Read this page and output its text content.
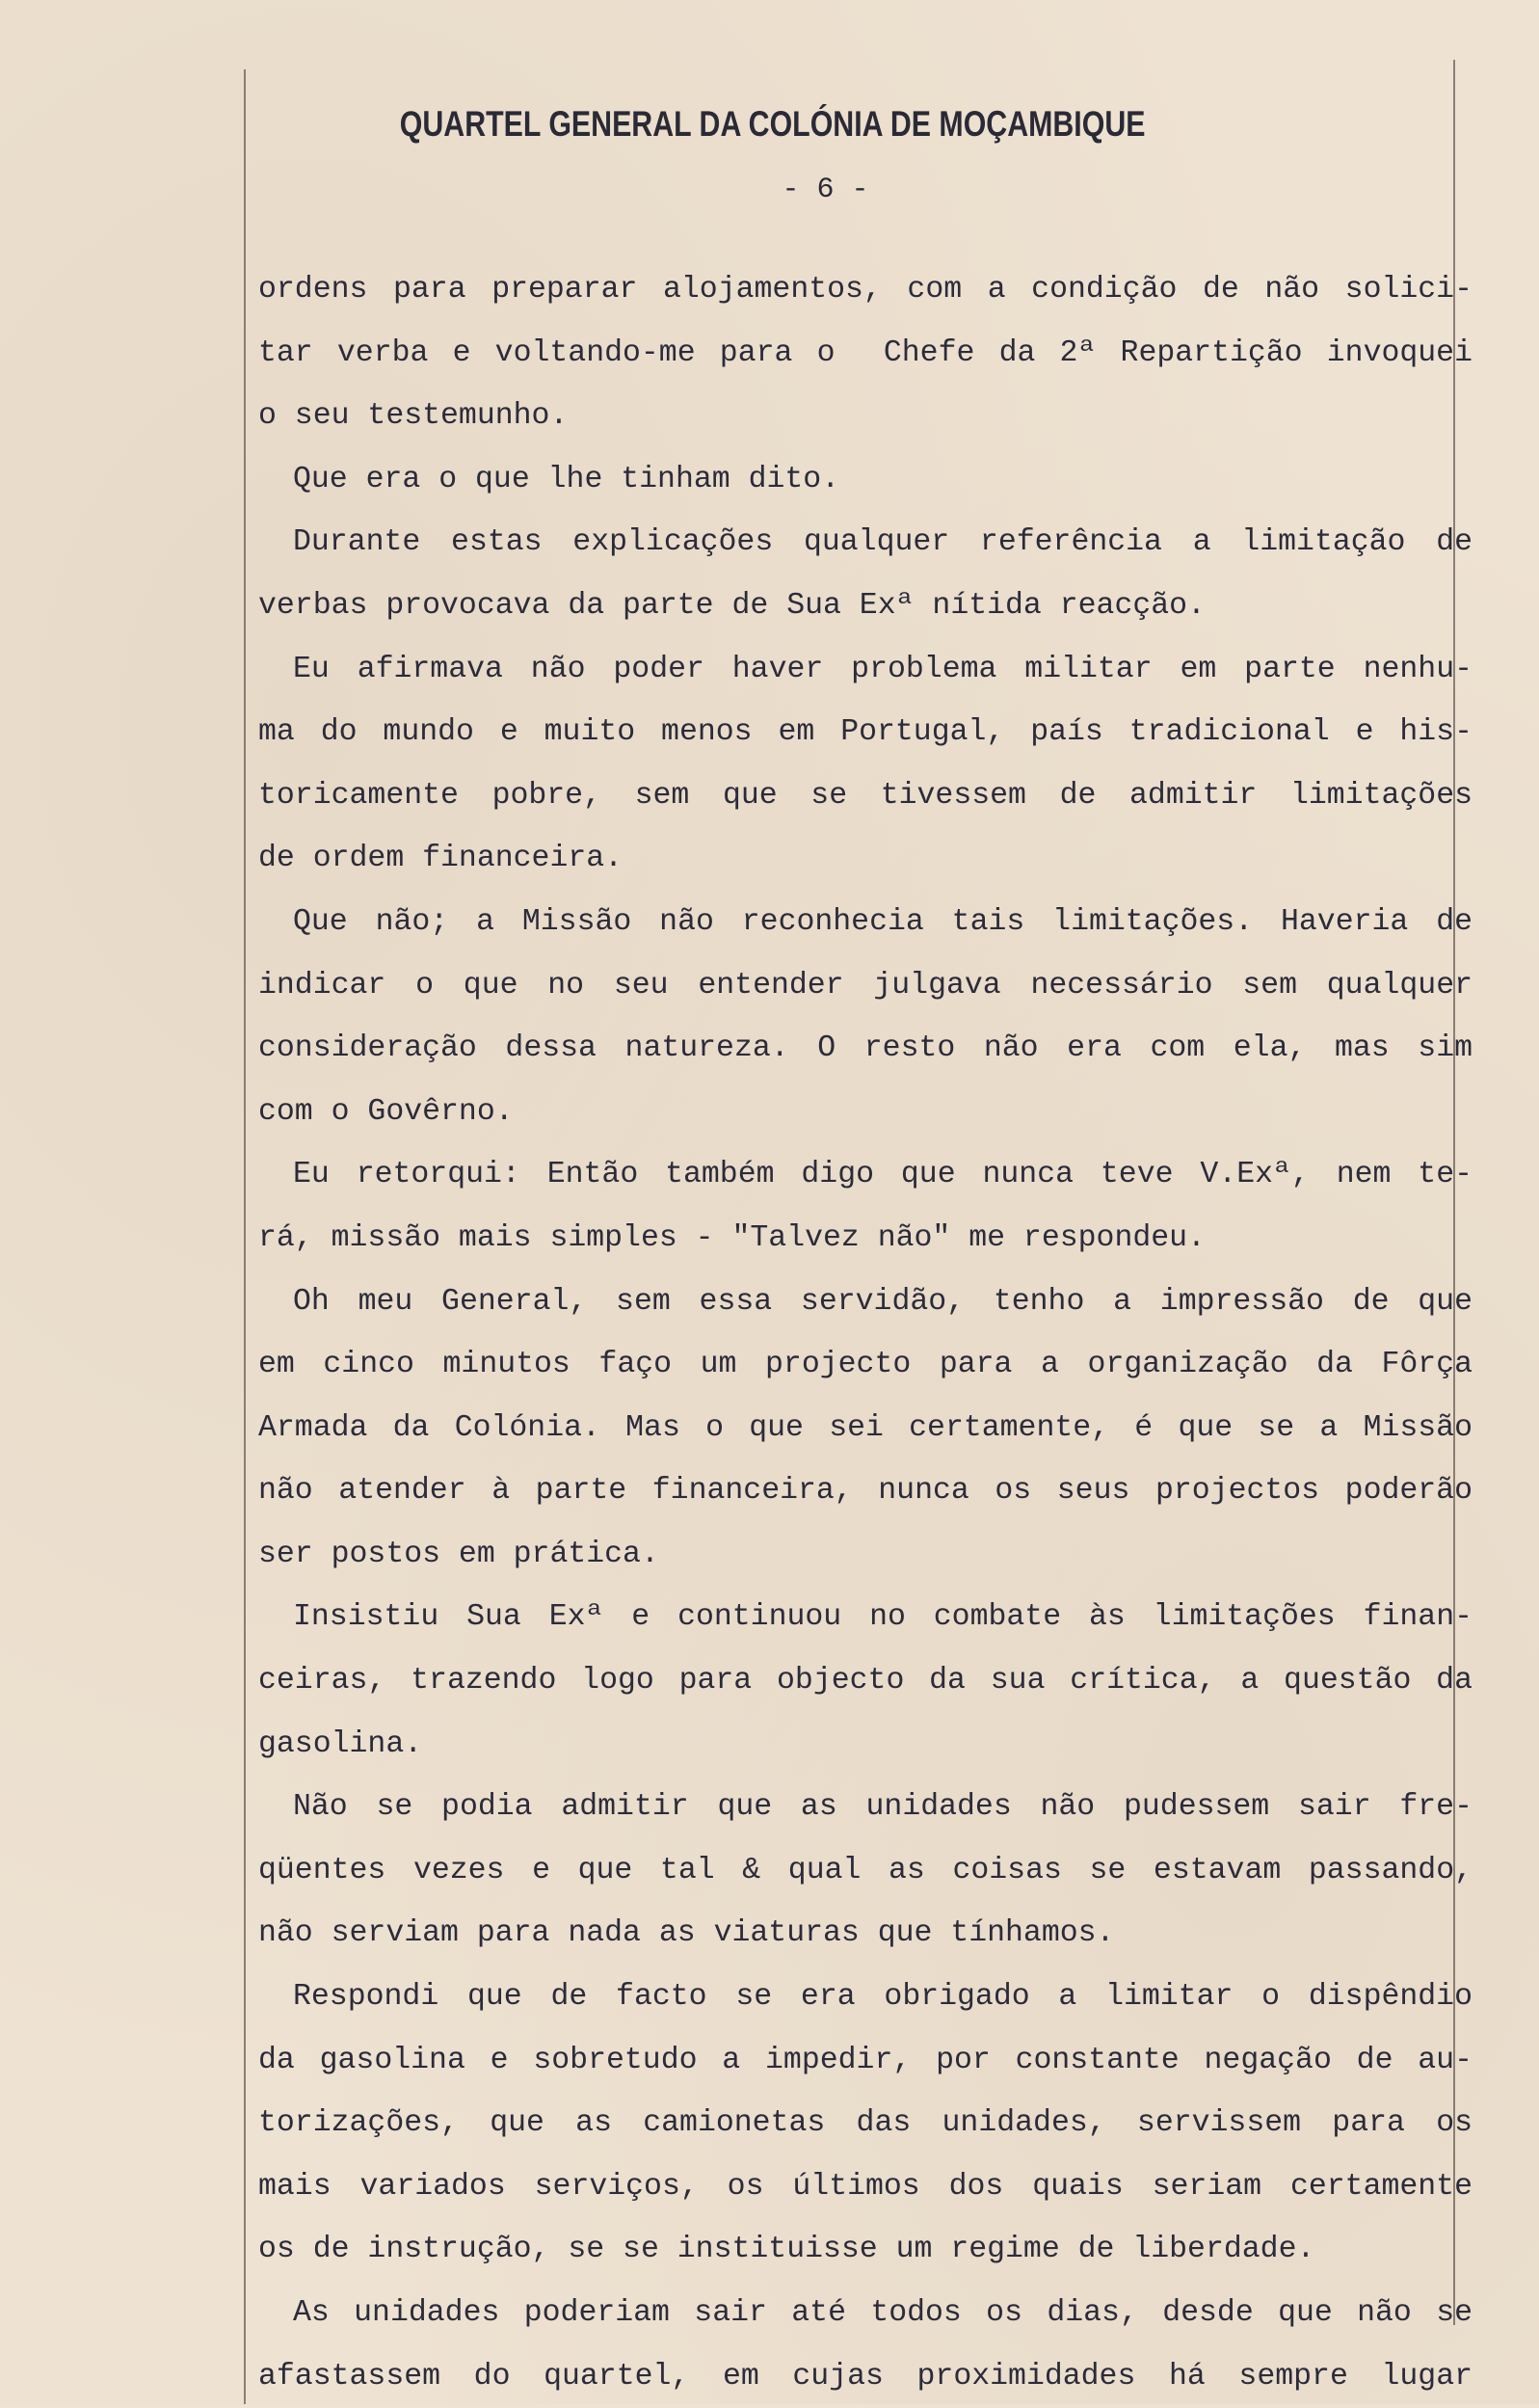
QUARTEL GENERAL DA COLÓNIA DE MOÇAMBIQUE
- 6 -
ordens para preparar alojamentos, com a condição de não solici-
tar verba e voltando-me para o  Chefe da 2ª Repartição invoquei
o seu testemunho.
Que era o que lhe tinham dito.
Durante estas explicações qualquer referência a limitação de
verbas provocava da parte de Sua Exª nítida reacção.
Eu afirmava não poder haver problema militar em parte nenhu-
ma do mundo e muito menos em Portugal, país tradicional e his-
toricamente pobre, sem que se tivessem de admitir limitações
de ordem financeira.
Que não; a Missão não reconhecia tais limitações. Haveria de
indicar o que no seu entender julgava necessário sem qualquer
consideração dessa natureza. O resto não era com ela, mas sim
com o Govêrno.
Eu retorqui: Então também digo que nunca teve V.Exª, nem te-
rá, missão mais simples - "Talvez não" me respondeu.
Oh meu General, sem essa servidão, tenho a impressão de que
em cinco minutos faço um projecto para a organização da Fôrça
Armada da Colónia. Mas o que sei certamente, é que se a Missão
não atender à parte financeira, nunca os seus projectos poderão
ser postos em prática.
Insistiu Sua Exª e continuou no combate às limitações finan-
ceiras, trazendo logo para objecto da sua crítica, a questão da
gasolina.
Não se podia admitir que as unidades não pudessem sair fre-
qüentes vezes e que tal & qual as coisas se estavam passando,
não serviam para nada as viaturas que tínhamos.
Respondi que de facto se era obrigado a limitar o dispêndio
da gasolina e sobretudo a impedir, por constante negação de au-
torizações, que as camionetas das unidades, servissem para os
mais variados serviços, os últimos dos quais seriam certamente
os de instrução, se se instituisse um regime de liberdade.
As unidades poderiam sair até todos os dias, desde que não se
afastassem do quartel, em cujas proximidades há sempre lugar
